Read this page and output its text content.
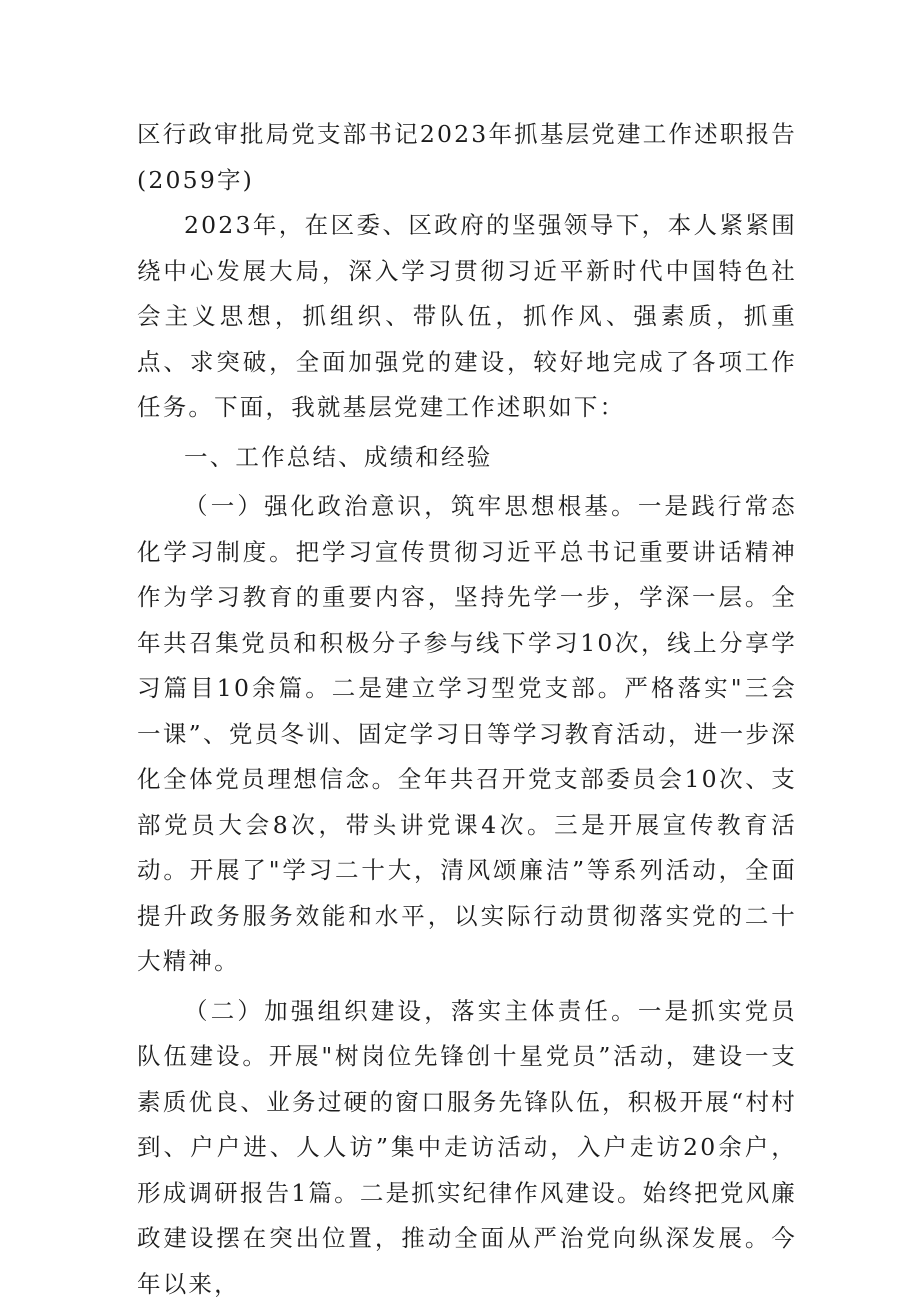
区行政审批局党支部书记2023年抓基层党建工作述职报告(2059字)

2023年，在区委、区政府的坚强领导下，本人紧紧围绕中心发展大局，深入学习贯彻习近平新时代中国特色社会主义思想，抓组织、带队伍，抓作风、强素质，抓重点、求突破，全面加强党的建设，较好地完成了各项工作任务。下面，我就基层党建工作述职如下：

一、工作总结、成绩和经验

（一）强化政治意识，筑牢思想根基。一是践行常态化学习制度。把学习宣传贯彻习近平总书记重要讲话精神作为学习教育的重要内容，坚持先学一步，学深一层。全年共召集党员和积极分子参与线下学习10次，线上分享学习篇目10余篇。二是建立学习型党支部。严格落实"三会一课”、党员冬训、固定学习日等学习教育活动，进一步深化全体党员理想信念。全年共召开党支部委员会10次、支部党员大会8次，带头讲党课4次。三是开展宣传教育活动。开展了"学习二十大，清风颂廉洁”等系列活动，全面提升政务服务效能和水平，以实际行动贯彻落实党的二十大精神。

（二）加强组织建设，落实主体责任。一是抓实党员队伍建设。开展"树岗位先锋创十星党员”活动，建设一支素质优良、业务过硬的窗口服务先锋队伍，积极开展“村村到、户户进、人人访”集中走访活动，入户走访20余户，形成调研报告1篇。二是抓实纪律作风建设。始终把党风廉政建设摆在突出位置，推动全面从严治党向纵深发展。今年以来，
